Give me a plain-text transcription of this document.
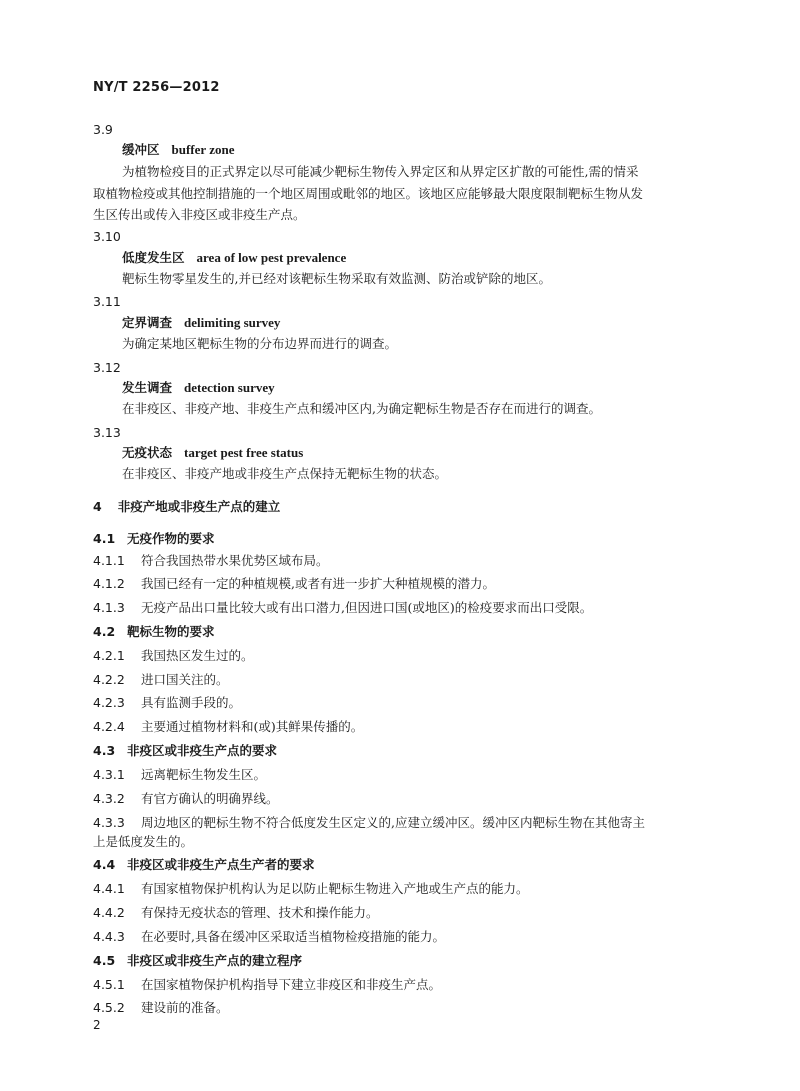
NY/T 2256—2012
3.9
缓冲区 buffer zone
为植物检疫目的正式界定以尽可能减少靶标生物传入界定区和从界定区扩散的可能性,需的情采
取植物检疫或其他控制措施的一个地区周围或毗邻的地区。该地区应能够最大限度限制靶标生物从发
生区传出或传入非疫区或非疫生产点。
3.10
低度发生区 area of low pest prevalence
靶标生物零星发生的,并已经对该靶标生物采取有效监测、防治或铲除的地区。
3.11
定界调查 delimiting survey
为确定某地区靶标生物的分布边界而进行的调查。
3.12
发生调查 detection survey
在非疫区、非疫产地、非疫生产点和缓冲区内,为确定靶标生物是否存在而进行的调查。
3.13
无疫状态 target pest free status
在非疫区、非疫产地或非疫生产点保持无靶标生物的状态。
4 非疫产地或非疫生产点的建立
4.1 无疫作物的要求
4.1.1 符合我国热带水果优势区域布局。
4.1.2 我国已经有一定的种植规模,或者有进一步扩大种植规模的潜力。
4.1.3 无疫产品出口量比较大或有出口潜力,但因进口国(或地区)的检疫要求而出口受限。
4.2 靶标生物的要求
4.2.1 我国热区发生过的。
4.2.2 进口国关注的。
4.2.3 具有监测手段的。
4.2.4 主要通过植物材料和(或)其鲜果传播的。
4.3 非疫区或非疫生产点的要求
4.3.1 远离靶标生物发生区。
4.3.2 有官方确认的明确界线。
4.3.3 周边地区的靶标生物不符合低度发生区定义的,应建立缓冲区。缓冲区内靶标生物在其他寄主
上是低度发生的。
4.4 非疫区或非疫生产点生产者的要求
4.4.1 有国家植物保护机构认为足以防止靶标生物进入产地或生产点的能力。
4.4.2 有保持无疫状态的管理、技术和操作能力。
4.4.3 在必要时,具备在缓冲区采取适当植物检疫措施的能力。
4.5 非疫区或非疫生产点的建立程序
4.5.1 在国家植物保护机构指导下建立非疫区和非疫生产点。
4.5.2 建设前的准备。
2
